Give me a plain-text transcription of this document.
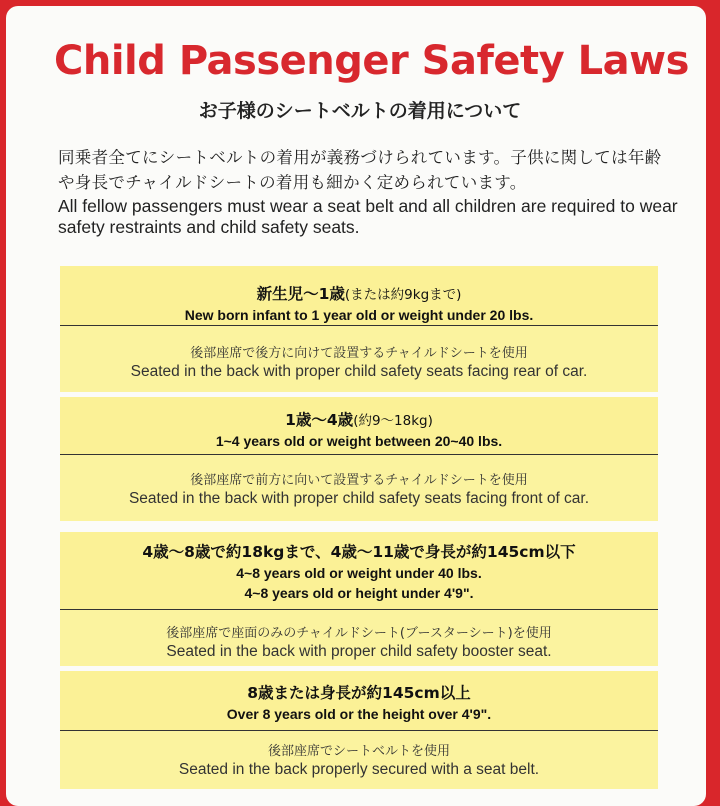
Child Passenger Safety Laws
お子様のシートベルトの着用について
同乗者全てにシートベルトの着用が義務づけられています。子供に関しては年齢や身長でチャイルドシートの着用も細かく定められています。
All fellow passengers must wear a seat belt and all children are required to wear safety restraints and child safety seats.
新生児〜1歳(または約9kgまで)
New born infant to 1 year old or weight under 20 lbs.
後部座席で後方に向けて設置するチャイルドシートを使用
Seated in the back with proper child safety seats facing rear of car.
1歳〜4歳(約9〜18kg)
1~4 years old or weight between 20~40 lbs.
後部座席で前方に向いて設置するチャイルドシートを使用
Seated in the back with proper child safety seats facing front of car.
4歳〜8歳で約18kgまで、4歳〜11歳で身長が約145cm以下
4~8 years old or weight under 40 lbs.
4~8 years old or height under 4'9".
後部座席で座面のみのチャイルドシート(ブースターシート)を使用
Seated in the back with proper child safety booster seat.
8歳または身長が約145cm以上
Over 8 years old or the height over 4'9".
後部座席でシートベルトを使用
Seated in the back properly secured with a seat belt.
